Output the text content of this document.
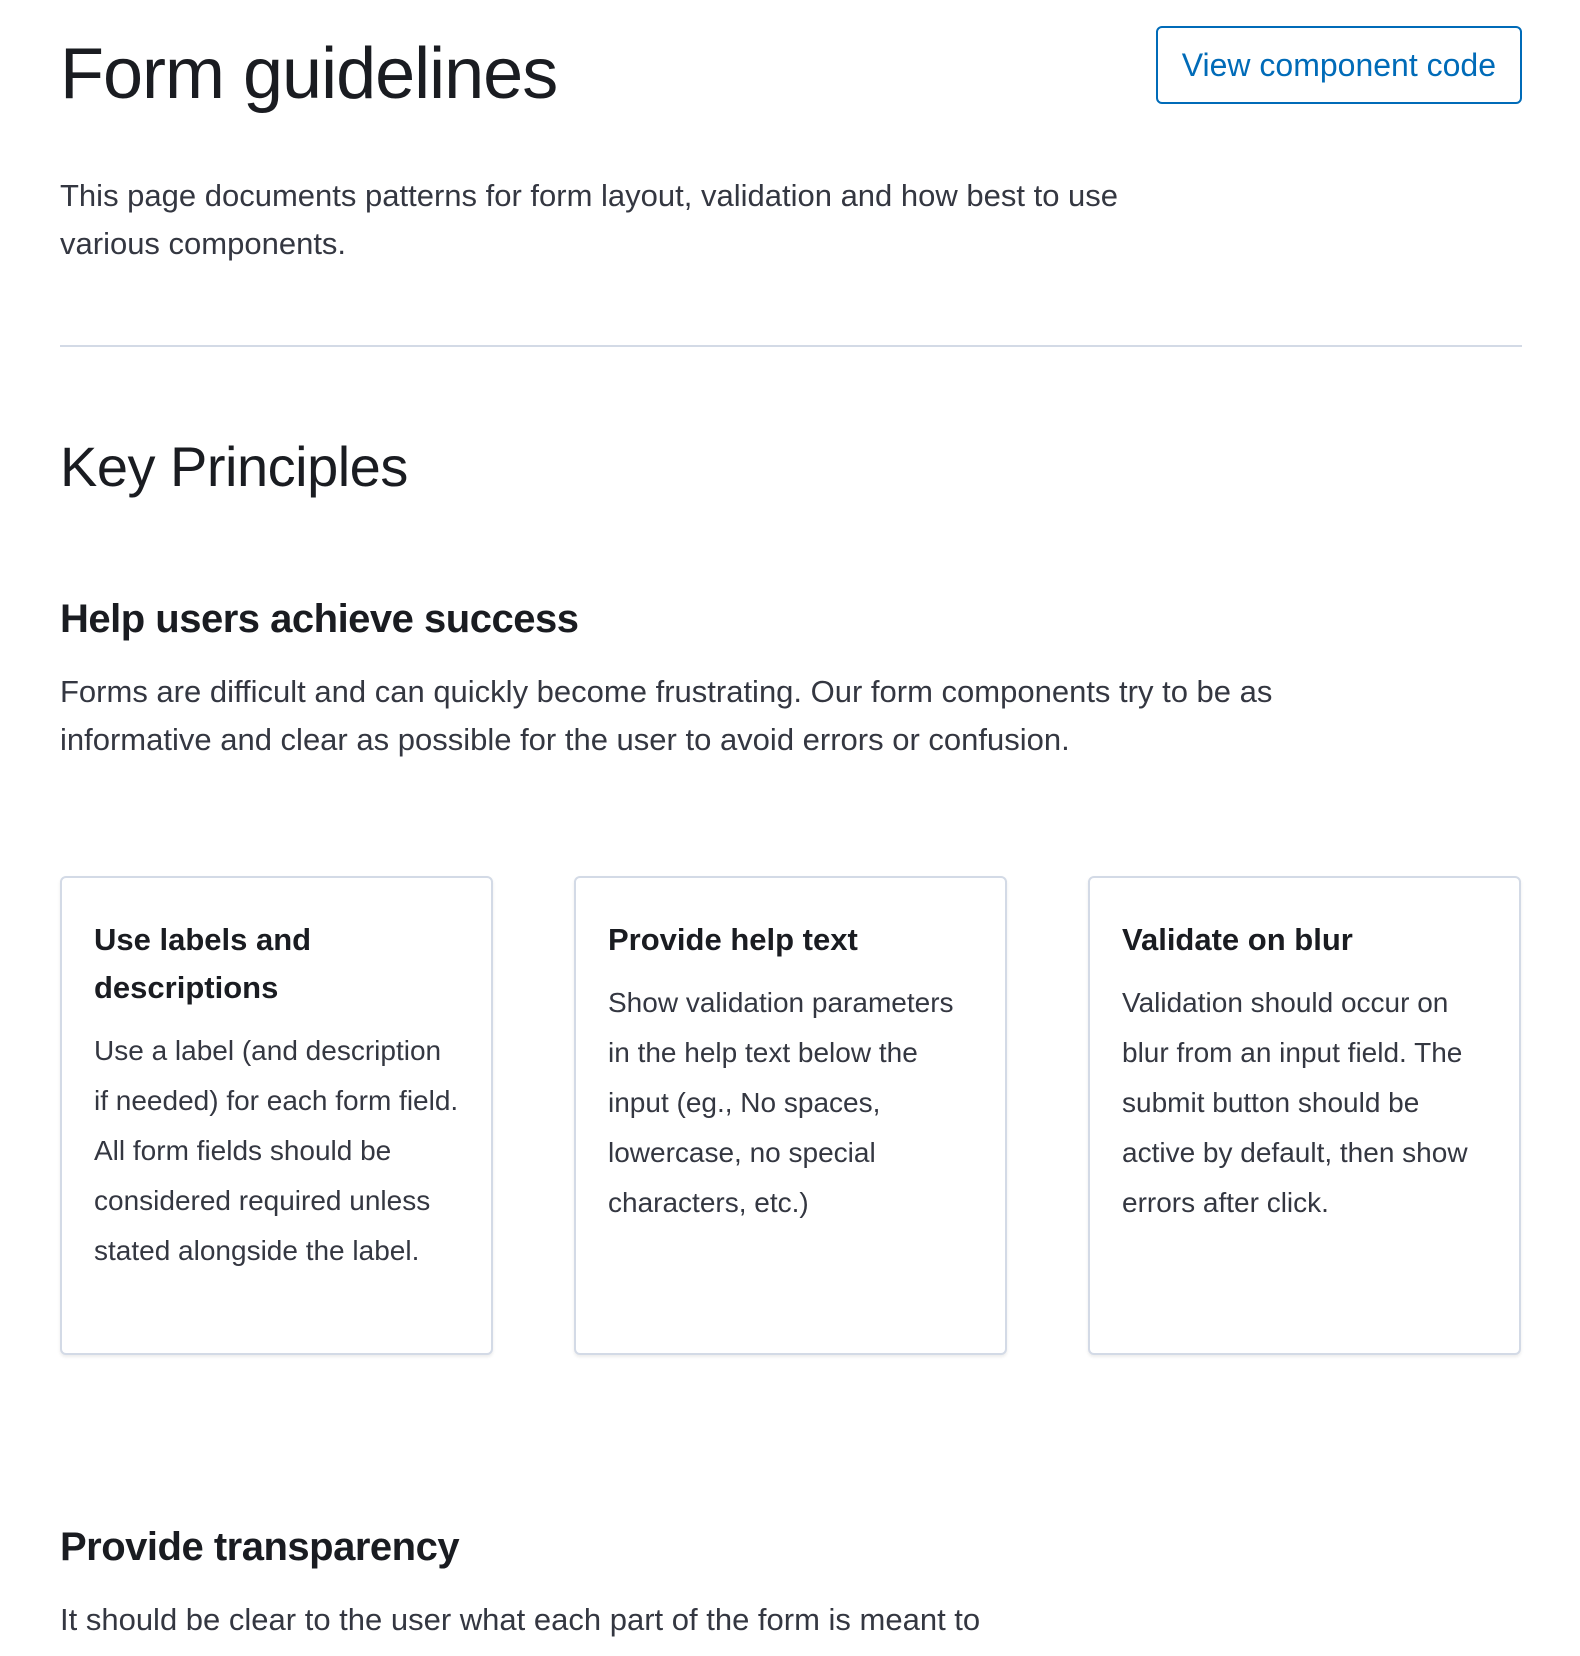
Form guidelines	View component code

This page documents patterns for form layout, validation and how best to use various components.

Key Principles
Help users achieve success

Forms are difficult and can quickly become frustrating. Our form components try to be as informative and clear as possible for the user to avoid errors or confusion.

Use labels and descriptions

Use a label (and description if needed) for each form field. All form fields should be considered required unless stated alongside the label.

Provide help text

Show validation parameters in the help text below the input (eg., No spaces, lowercase, no special characters, etc.)

Validate on blur

Validation should occur on blur from an input field. The submit button should be active by default, then show errors after click.

Provide transparency

It should be clear to the user what each part of the form is meant to
